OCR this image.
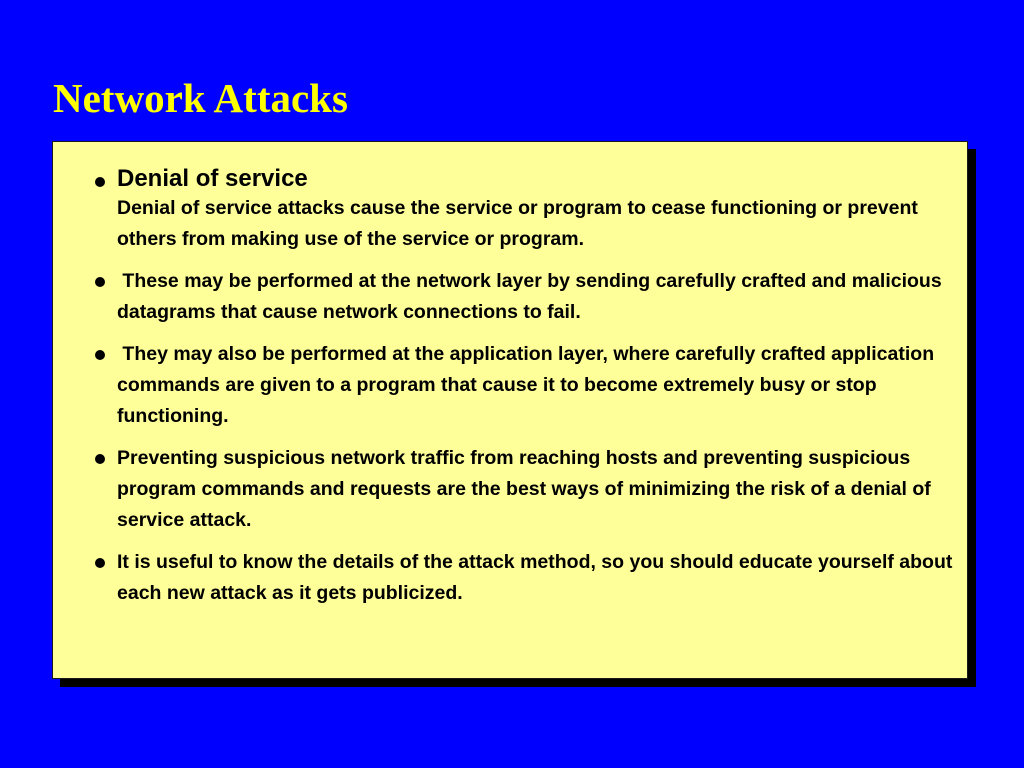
Network Attacks
Denial of service
Denial of service attacks cause the service or program to cease functioning or prevent others from making use of the service or program.
These may be performed at the network layer by sending carefully crafted and malicious datagrams that cause network connections to fail.
They may also be performed at the application layer, where carefully crafted application commands are given to a program that cause it to become extremely busy or stop functioning.
Preventing suspicious network traffic from reaching hosts and preventing suspicious program commands and requests are the best ways of minimizing the risk of a denial of service attack.
It is useful to know the details of the attack method, so you should educate yourself about each new attack as it gets publicized.
